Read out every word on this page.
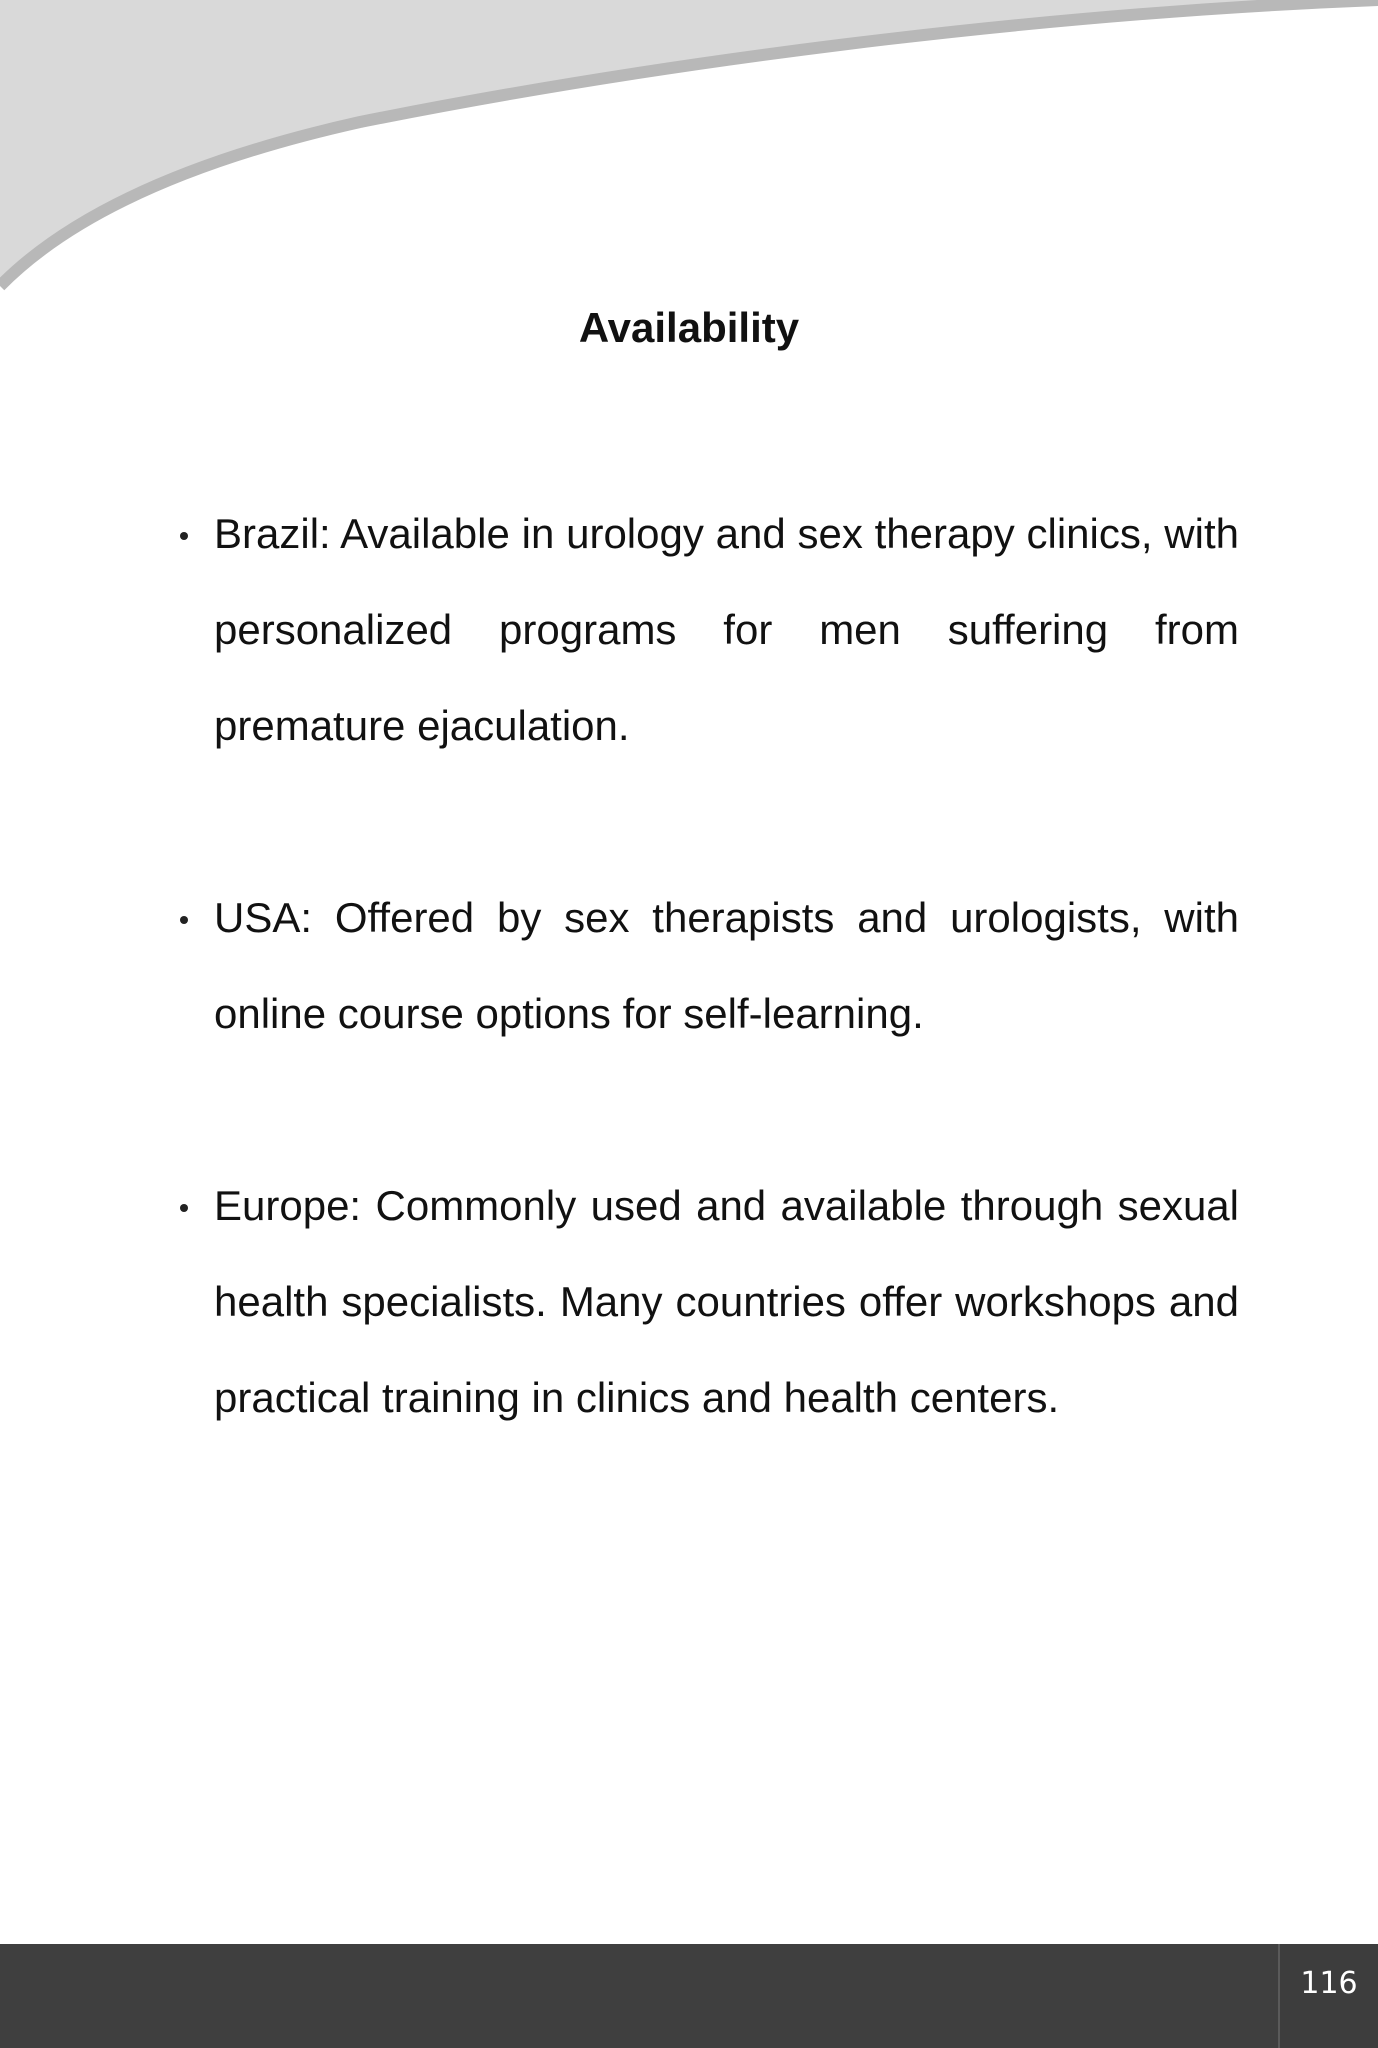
Availability
Brazil: Available in urology and sex therapy clinics, with personalized programs for men suffering from premature ejaculation.
USA: Offered by sex therapists and urologists, with online course options for self-learning.
Europe: Commonly used and available through sexual health specialists. Many countries offer workshops and practical training in clinics and health centers.
116
